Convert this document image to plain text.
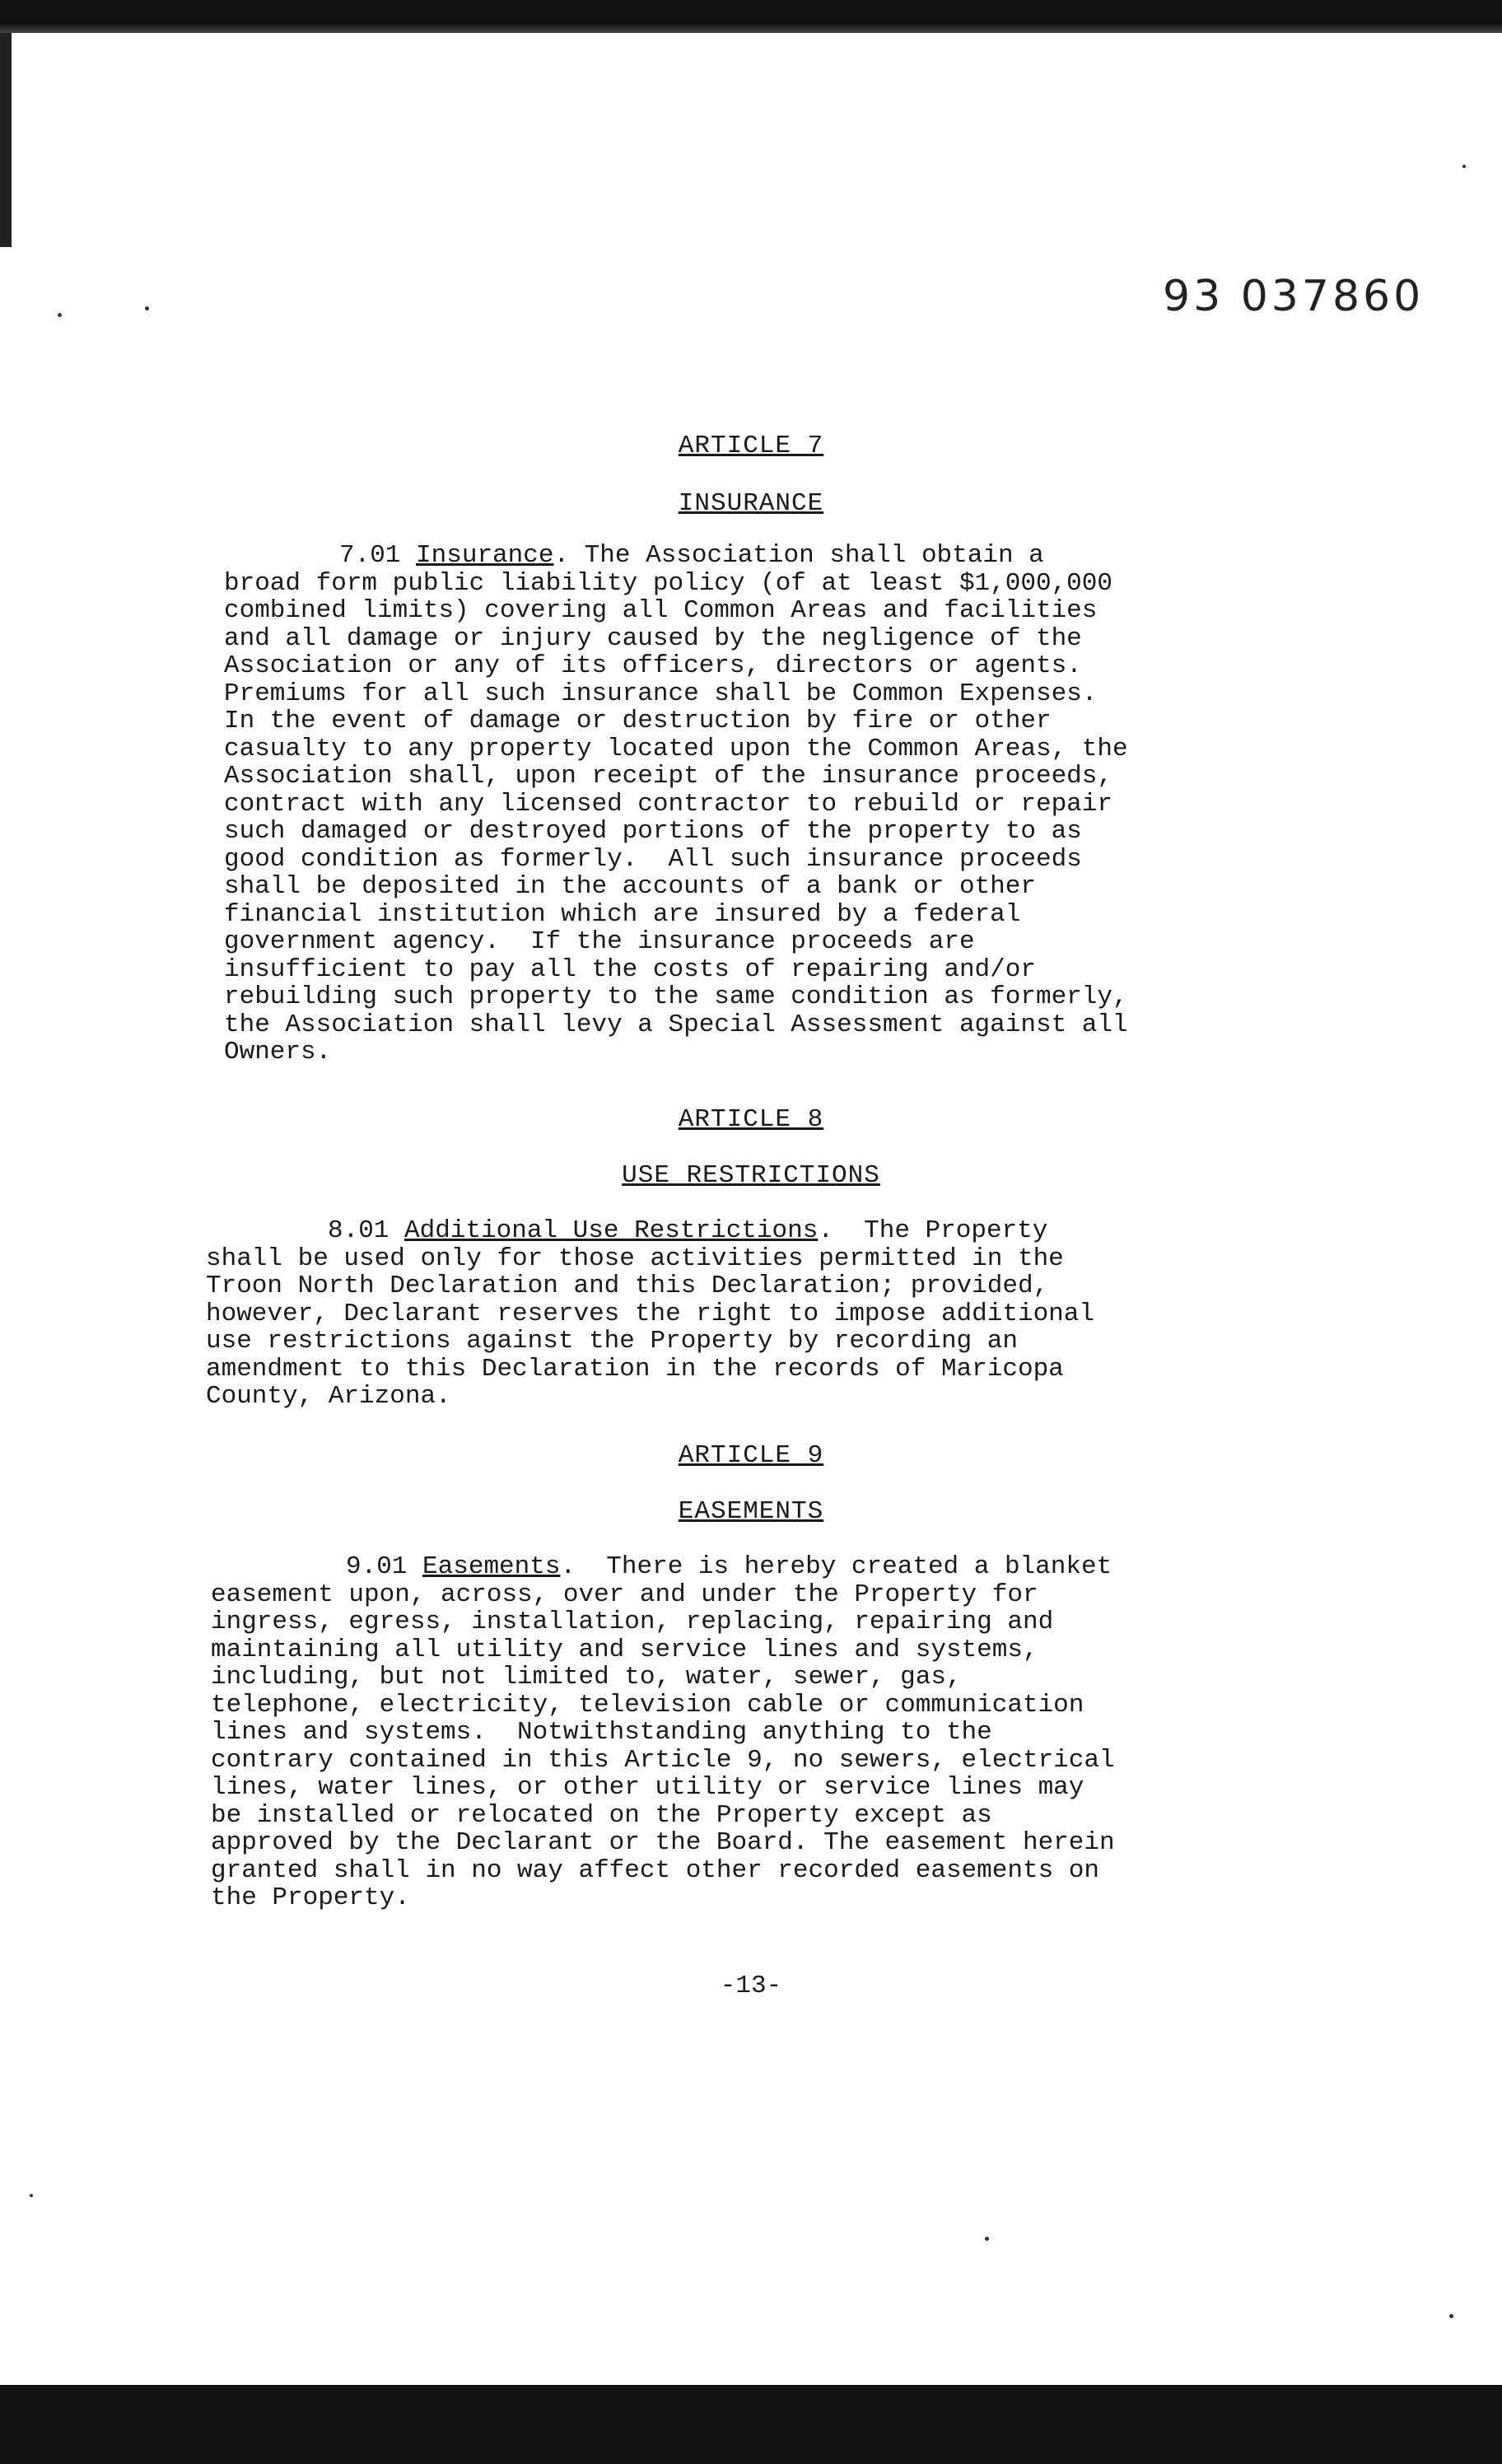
93 037860
ARTICLE 7
INSURANCE

7.01 Insurance. The Association shall obtain a
broad form public liability policy (of at least $1,000,000
combined limits) covering all Common Areas and facilities
and all damage or injury caused by the negligence of the
Association or any of its officers, directors or agents.
Premiums for all such insurance shall be Common Expenses.
In the event of damage or destruction by fire or other
casualty to any property located upon the Common Areas, the
Association shall, upon receipt of the insurance proceeds,
contract with any licensed contractor to rebuild or repair
such damaged or destroyed portions of the property to as
good condition as formerly.  All such insurance proceeds
shall be deposited in the accounts of a bank or other
financial institution which are insured by a federal
government agency.  If the insurance proceeds are
insufficient to pay all the costs of repairing and/or
rebuilding such property to the same condition as formerly,
the Association shall levy a Special Assessment against all
Owners.

ARTICLE 8
USE RESTRICTIONS

8.01 Additional Use Restrictions.  The Property
shall be used only for those activities permitted in the
Troon North Declaration and this Declaration; provided,
however, Declarant reserves the right to impose additional
use restrictions against the Property by recording an
amendment to this Declaration in the records of Maricopa
County, Arizona.

ARTICLE 9
EASEMENTS

9.01 Easements.  There is hereby created a blanket
easement upon, across, over and under the Property for
ingress, egress, installation, replacing, repairing and
maintaining all utility and service lines and systems,
including, but not limited to, water, sewer, gas,
telephone, electricity, television cable or communication
lines and systems.  Notwithstanding anything to the
contrary contained in this Article 9, no sewers, electrical
lines, water lines, or other utility or service lines may
be installed or relocated on the Property except as
approved by the Declarant or the Board. The easement herein
granted shall in no way affect other recorded easements on
the Property.

-13-
